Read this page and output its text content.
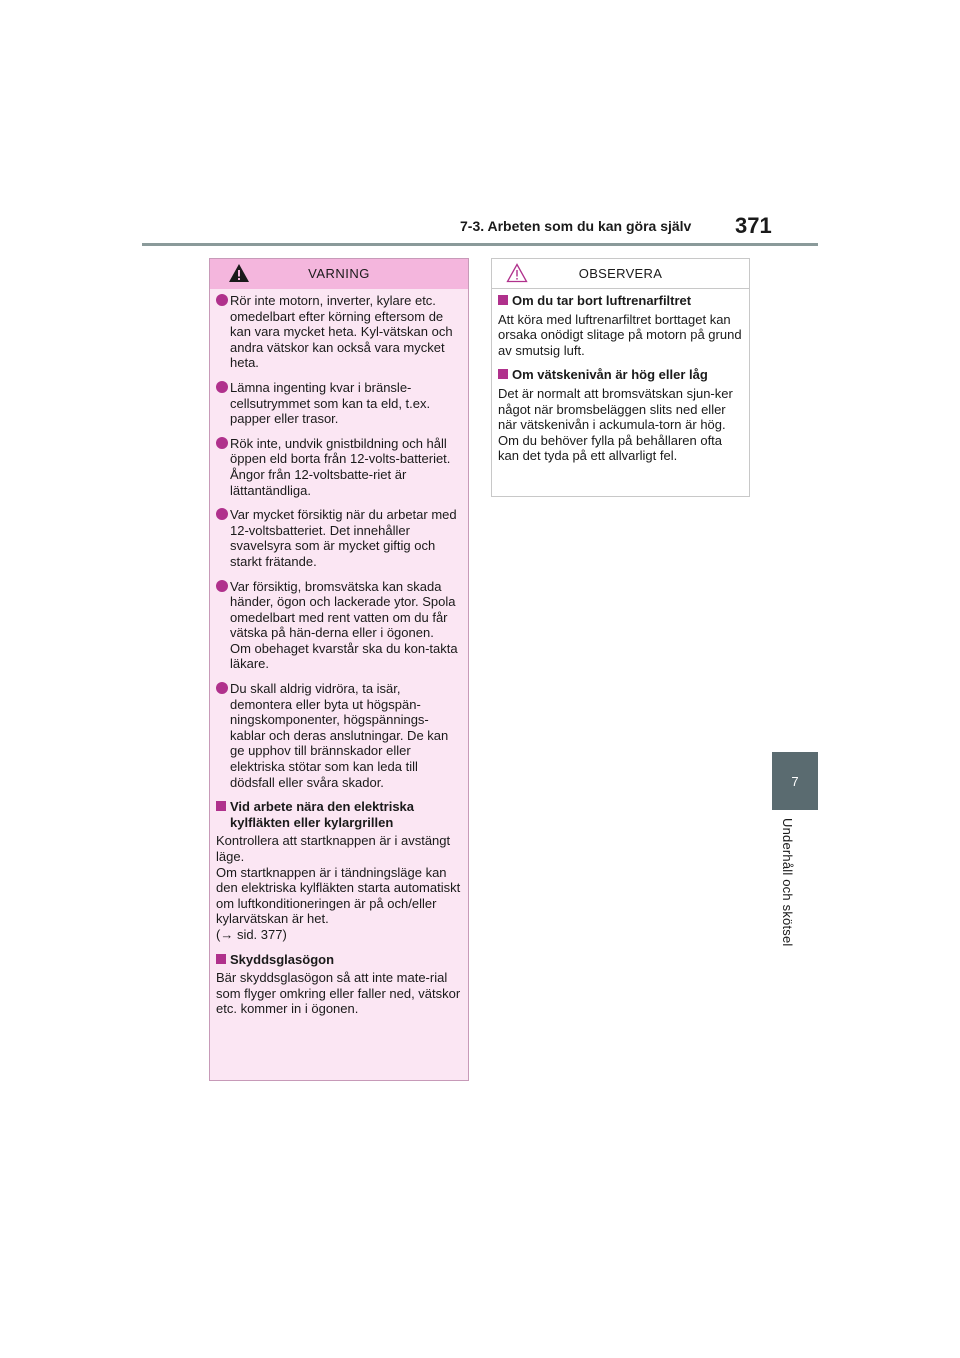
7-3. Arbeten som du kan göra själv 371
7
Underhåll och skötsel
VARNING
Rör inte motorn, inverter, kylare etc. omedelbart efter körning eftersom de kan vara mycket heta. Kyl-vätskan och andra vätskor kan också vara mycket heta.
Lämna ingenting kvar i bränsle-cellsutrymmet som kan ta eld, t.ex. papper eller trasor.
Rök inte, undvik gnistbildning och håll öppen eld borta från 12-volts-batteriet. Ångor från 12-voltsbatte-riet är lättantändliga.
Var mycket försiktig när du arbetar med 12-voltsbatteriet. Det innehåller svavelsyra som är mycket giftig och starkt frätande.
Var försiktig, bromsvätska kan skada händer, ögon och lackerade ytor. Spola omedelbart med rent vatten om du får vätska på hän-derna eller i ögonen.
Om obehaget kvarstår ska du kon-takta läkare.
Du skall aldrig vidröra, ta isär, demontera eller byta ut högspän-ningskomponenter, högspännings-kablar och deras anslutningar. De kan ge upphov till brännskador eller elektriska stötar som kan leda till dödsfall eller svåra skador.
Vid arbete nära den elektriska kylfläkten eller kylargrillen
Kontrollera att startknappen är i avstängt läge.
Om startknappen är i tändningsläge kan den elektriska kylfläkten starta automatiskt om luftkonditioneringen är på och/eller kylarvätskan är het.
(→ sid. 377)
Skyddsglasögon
Bär skyddsglasögon så att inte mate-rial som flyger omkring eller faller ned, vätskor etc. kommer in i ögonen.
OBSERVERA
Om du tar bort luftrenarfiltret
Att köra med luftrenarfiltret borttaget kan orsaka onödigt slitage på motorn på grund av smutsig luft.
Om vätskenivån är hög eller låg
Det är normalt att bromsvätskan sjun-ker något när bromsbeläggen slits ned eller när vätskenivån i ackumula-torn är hög.
Om du behöver fylla på behållaren ofta kan det tyda på ett allvarligt fel.
